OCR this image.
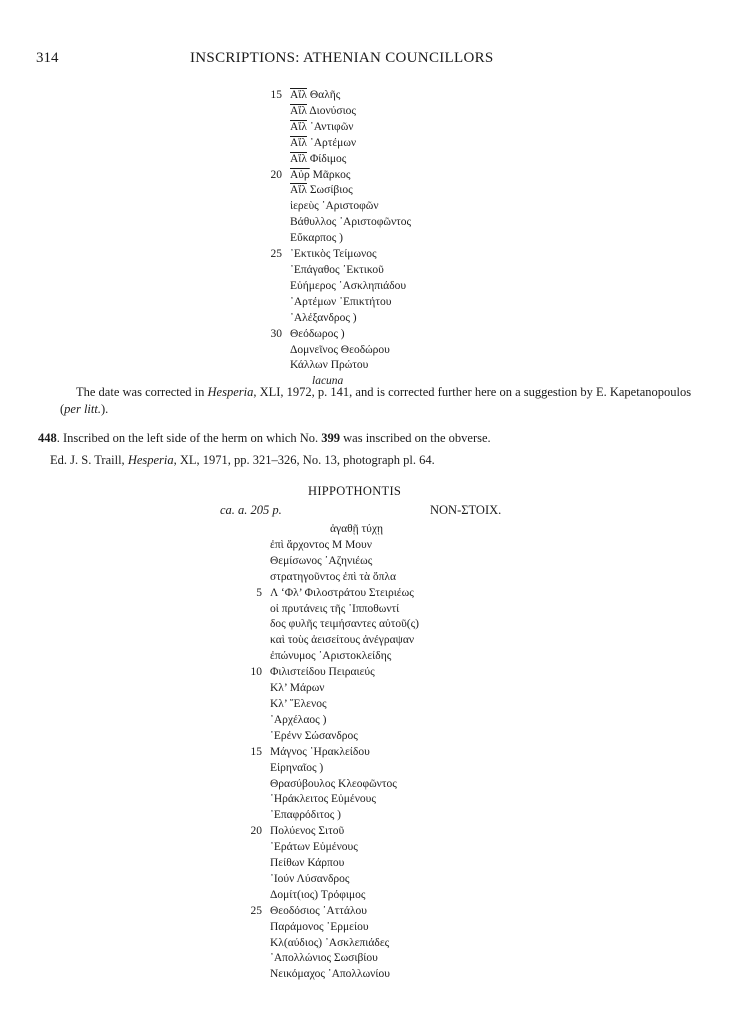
314	INSCRIPTIONS: ATHENIAN COUNCILLORS
15 $\overline{Aἴ\lambda}$ Θαλῆς
$\overline{Aἴ\lambda}$ Διονύσιος
$\overline{Aἴ\lambda}$ ᾿Αντιφῶν
$\overline{Aἴ\lambda}$ ᾿Αρτέμων
$\overline{Aἴ\lambda}$ Φίδιμος
20 $\overline{Aὐ\rho}$ Μᾶρκος
$\overline{Aἴ\lambda}$ Σωσίβιος
ἱερεὺς ᾿Αριστοφῶν
Βάθυλλος ᾿Αριστοφῶντος
Εὔκαρπος )
25 ᾿Εκτικὸς Τείμωνος
᾿Επάγαθος ᾿Εκτικοῦ
Εὐήμερος ᾿Ασκληπιάδου
᾿Αρτέμων ᾿Επικτήτου
᾿Αλέξανδρος )
30 Θεόδωρος )
Δομνεῖνος Θεοδώρου
Κάλλων Πρώτου
lacuna

The date was corrected in Hesperia, XLI, 1972, p. 141, and is corrected further here on a suggestion by E. Kapetanopoulos (per litt.).

448. Inscribed on the left side of the herm on which No. 399 was inscribed on the obverse.

Ed. J. S. Traill, Hesperia, XL, 1971, pp. 321–326, No. 13, photograph pl. 64.

HIPPOTHONTIS
ca. a. 205 p.	NON-ΣΤΟΙΧ.
ἀγαθῇ τύχῃ
ἐπὶ ἄρχοντος Μ Μουν
Θεμίσωνος ᾿Αζηνιέως
στρατηγοῦντος ἐπὶ τὰ ὅπλα
5 Λ ‘Φλ’ Φιλοστράτου Στειριέως
οἱ πρυτάνεις τῆς ῾Ιπποθωντί
δος φυλῆς τειμήσαντες αὐτοῦ(ς)
καὶ τοὺς ἀεισείτους ἀνέγραψαν
ἐπώνυμος ᾿Αριστοκλείδης
10 Φιλιστείδου Πειραιεύς
Κλ’ Μάρων
Κλ’ ῞Ελενος
᾿Αρχέλαος )
῾Ερένν Σώσανδρος
15 Μάγνος ῾Ηρακλείδου
Εἰρηναῖος )
Θρασύβουλος Κλεοφῶντος
῾Ηράκλειτος Εὐμένους
᾿Επαφρόδιτος )
20 Πολύενος Σιτοῦ
᾿Εράτων Εὐμένους
Πείθων Κάρπου
᾿Ιούν Λύσανδρος
Δομίτ(ιος) Τρόφιμος
25 Θεοδόσιος ᾿Αττάλου
Παράμονος ῾Ερμείου
Κλ(αύδιος) ᾿Ασκλεπιάδες
᾿Απολλώνιος Σωσιβίου
Νεικόμαχος ᾿Απολλωνίου
